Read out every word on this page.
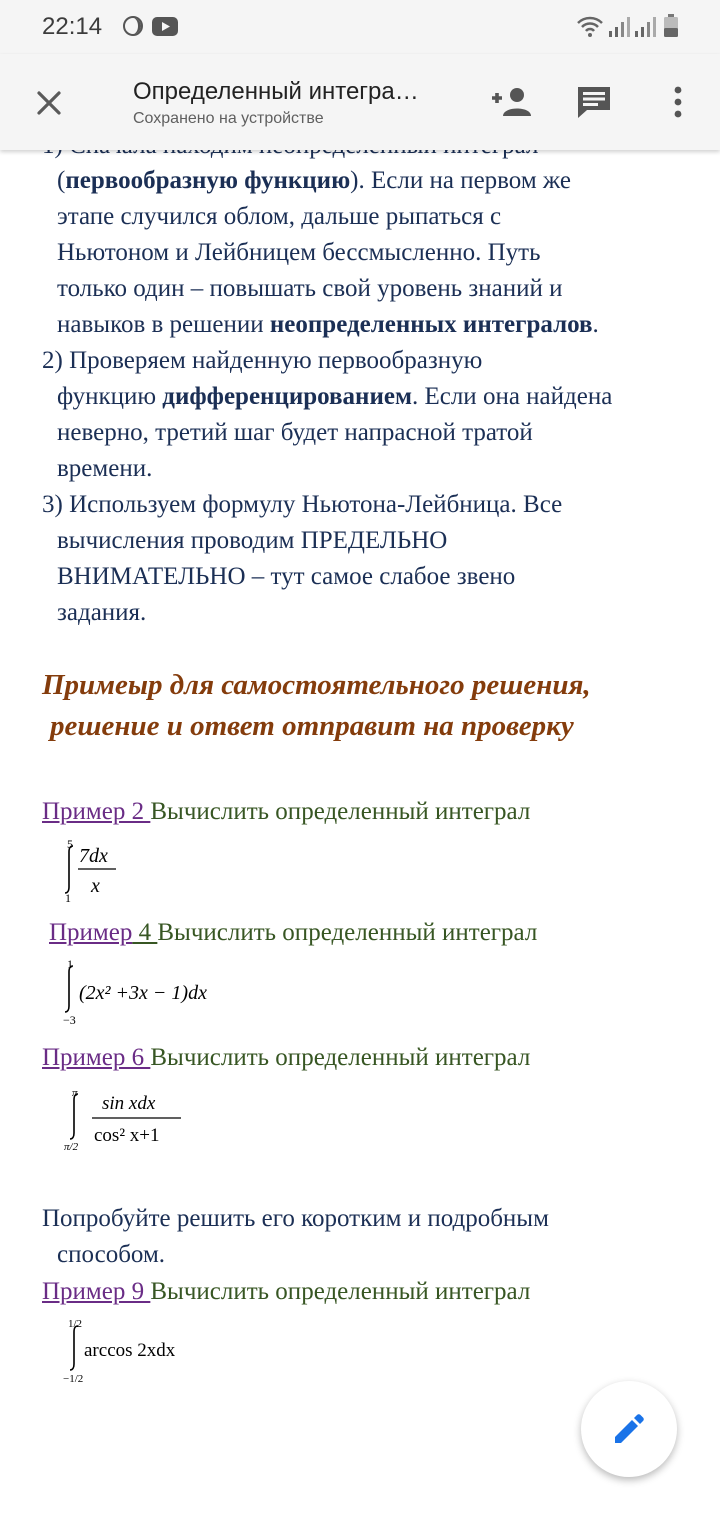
22:14
Определенный интегра…
Сохранено на устройстве
(первообразную функцию). Если на первом же
этапе случился облом, дальше рыпаться с
Ньютоном и Лейбницем бессмысленно. Путь
только один – повышать свой уровень знаний и
навыков в решении неопределенных интегралов.
2) Проверяем найденную первообразную
функцию дифференцированием. Если она найдена
неверно, третий шаг будет напрасной тратой
времени.
3) Используем формулу Ньютона-Лейбница. Все
вычисления проводим ПРЕДЕЛЬНО
ВНИМАТЕЛЬНО – тут самое слабое звено
задания.
Примеыр для самостоятельного решения,
решение и ответ отправит на проверку
Пример 2 Вычислить определенный интеграл
5
1
7dx
x
Пример 4 Вычислить определенный интеграл
1
−3
(2x² +3x − 1)dx
Пример 6 Вычислить определенный интеграл
π
π/2
sin xdx
cos² x+1
Попробуйте решить его коротким и подробным
способом.
Пример 9 Вычислить определенный интеграл
1/2
−1/2
arccos 2xdx
